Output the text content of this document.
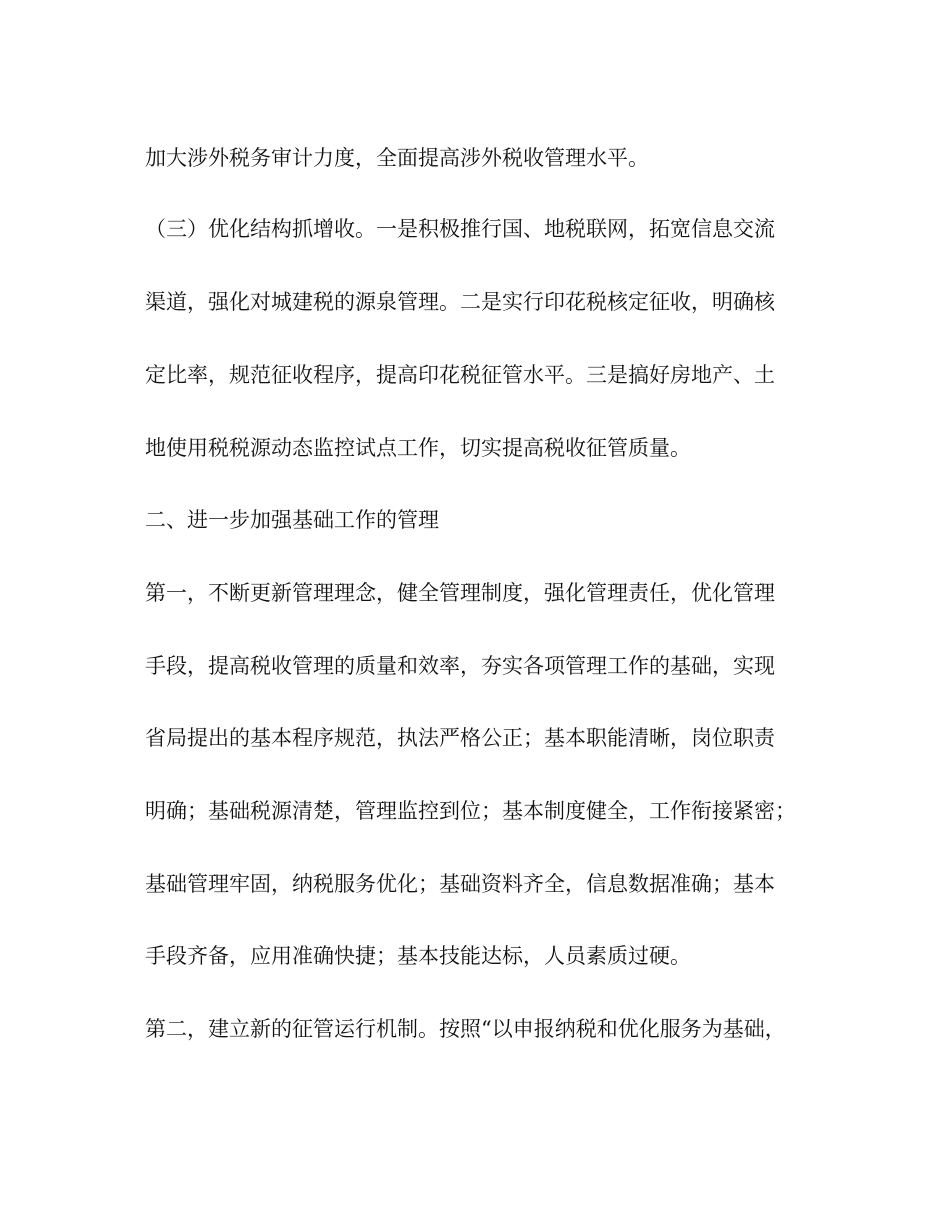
加大涉外税务审计力度，全面提高涉外税收管理水平。
（三）优化结构抓增收。一是积极推行国、地税联网，拓宽信息交流
渠道，强化对城建税的源泉管理。二是实行印花税核定征收，明确核
定比率，规范征收程序，提高印花税征管水平。三是搞好房地产、土
地使用税税源动态监控试点工作，切实提高税收征管质量。
二、进一步加强基础工作的管理
第一，不断更新管理理念，健全管理制度，强化管理责任，优化管理
手段，提高税收管理的质量和效率，夯实各项管理工作的基础，实现
省局提出的基本程序规范，执法严格公正；基本职能清晰，岗位职责
明确；基础税源清楚，管理监控到位；基本制度健全，工作衔接紧密；
基础管理牢固，纳税服务优化；基础资料齐全，信息数据准确；基本
手段齐备，应用准确快捷；基本技能达标，人员素质过硬。
第二，建立新的征管运行机制。按照“以申报纳税和优化服务为基础，
